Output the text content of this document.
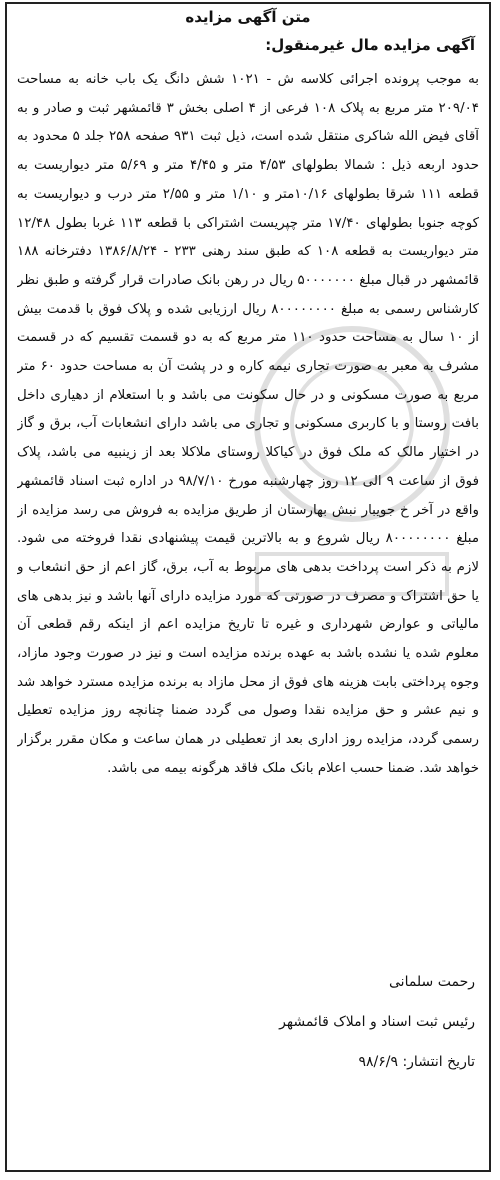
متن آگهی مزایده
آگهی مزایده مال غیرمنقول:
به موجب پرونده اجرائی کلاسه ش - ۱۰۲۱ شش دانگ یک باب خانه به مساحت ۲۰۹/۰۴ متر مربع به پلاک ۱۰۸ فرعی از ۴ اصلی بخش ۳ قائمشهر ثبت و صادر و به آقای فیض الله شاکری منتقل شده است، ذیل ثبت ۹۳۱ صفحه ۲۵۸ جلد ۵ محدود به حدود اربعه ذیل : شمالا بطولهای ۴/۵۳ متر و ۴/۴۵ متر و ۵/۶۹ متر دیواریست به قطعه ۱۱۱ شرقا بطولهای ۱۰/۱۶متر و ۱/۱۰ متر و ۲/۵۵ متر درب و دیواریست به کوچه جنوبا بطولهای ۱۷/۴۰ متر چپریست اشتراکی با قطعه ۱۱۳ غربا بطول ۱۲/۴۸ متر دیواریست به قطعه ۱۰۸ که طبق سند رهنی ۲۳۳ - ۱۳۸۶/۸/۲۴ دفترخانه ۱۸۸ قائمشهر در قبال مبلغ ۵۰۰۰۰۰۰۰ ریال در رهن بانک صادرات قرار گرفته و طبق نظر کارشناس رسمی به مبلغ ۸۰۰۰۰۰۰۰۰ ریال ارزیابی شده و پلاک فوق با قدمت بیش از ۱۰ سال به مساحت حدود ۱۱۰ متر مربع که به دو قسمت تقسیم که در قسمت مشرف به معبر به صورت تجاری نیمه کاره و در پشت آن به مساحت حدود ۶۰ متر مربع به صورت مسکونی و در حال سکونت می باشد و با استعلام از دهیاری داخل بافت روستا و با کاربری مسکونی و تجاری می باشد دارای انشعابات آب، برق و گاز در اختیار مالک که ملک فوق در کیاکلا روستای ملاکلا بعد از زینبیه می باشد، پلاک فوق از ساعت ۹ الی ۱۲ روز چهارشنبه مورخ ۹۸/۷/۱۰ در اداره ثبت اسناد قائمشهر واقع در آخر خ جویبار نبش بهارستان از طریق مزایده به فروش می رسد مزایده از مبلغ ۸۰۰۰۰۰۰۰۰ ریال شروع و به بالاترین قیمت پیشنهادی نقدا فروخته می شود. لازم به ذکر است پرداخت بدهی های مربوط به آب، برق، گاز اعم از حق انشعاب و یا حق اشتراک و مصرف در صورتی که مورد مزایده دارای آنها باشد و نیز بدهی های مالیاتی و عوارض شهرداری و غیره تا تاریخ مزایده اعم از اینکه رقم قطعی آن معلوم شده یا نشده باشد به عهده برنده مزایده است و نیز در صورت وجود مازاد، وجوه پرداختی بابت هزینه های فوق از محل مازاد به برنده مزایده مسترد خواهد شد و نیم عشر و حق مزایده نقدا وصول می گردد ضمنا چنانچه روز مزایده تعطیل رسمی گردد، مزایده روز اداری بعد از تعطیلی در همان ساعت و مکان مقرر برگزار خواهد شد. ضمنا حسب اعلام بانک ملک فاقد هرگونه بیمه می باشد.
رحمت سلمانی
رئیس ثبت اسناد و املاک قائمشهر
تاریخ انتشار: ۹۸/۶/۹
